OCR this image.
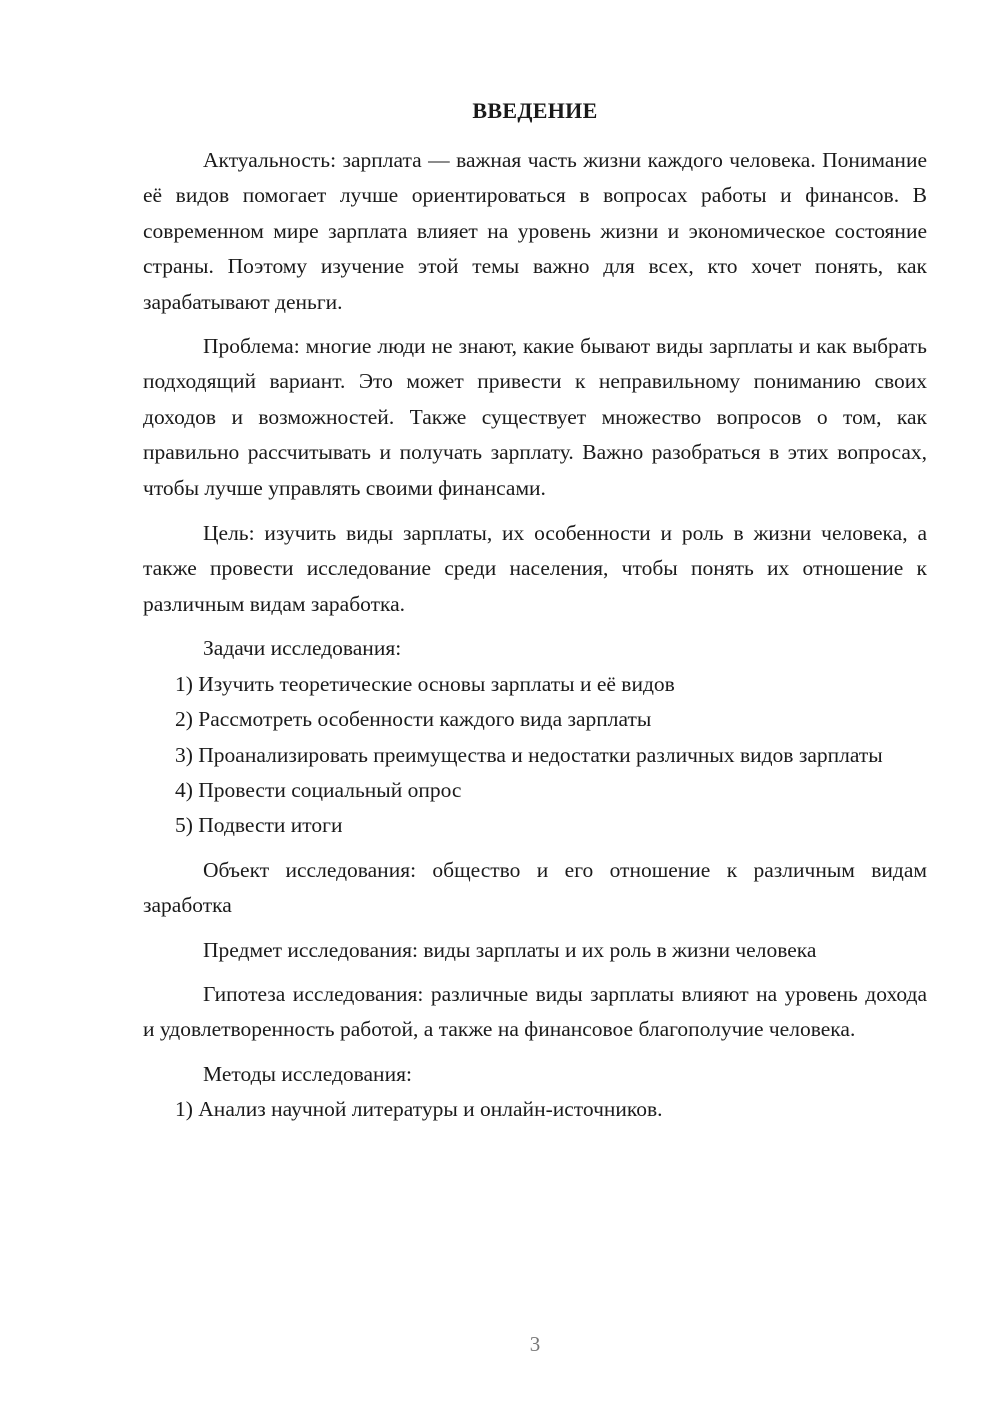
ВВЕДЕНИЕ

Актуальность: зарплата — важная часть жизни каждого человека. Понимание её видов помогает лучше ориентироваться в вопросах работы и финансов. В современном мире зарплата влияет на уровень жизни и экономическое состояние страны. Поэтому изучение этой темы важно для всех, кто хочет понять, как зарабатывают деньги.

Проблема: многие люди не знают, какие бывают виды зарплаты и как выбрать подходящий вариант. Это может привести к неправильному пониманию своих доходов и возможностей. Также существует множество вопросов о том, как правильно рассчитывать и получать зарплату. Важно разобраться в этих вопросах, чтобы лучше управлять своими финансами.

Цель: изучить виды зарплаты, их особенности и роль в жизни человека, а также провести исследование среди населения, чтобы понять их отношение к различным видам заработка.

Задачи исследования:

1) Изучить теоретические основы зарплаты и её видов

2) Рассмотреть особенности каждого вида зарплаты

3) Проанализировать преимущества и недостатки различных видов зарплаты

4) Провести социальный опрос

5) Подвести итоги

Объект исследования: общество и его отношение к различным видам заработка

Предмет исследования: виды зарплаты и их роль в жизни человека

Гипотеза исследования: различные виды зарплаты влияют на уровень дохода и удовлетворенность работой, а также на финансовое благополучие человека.

Методы исследования:

1) Анализ научной литературы и онлайн-источников.

3
